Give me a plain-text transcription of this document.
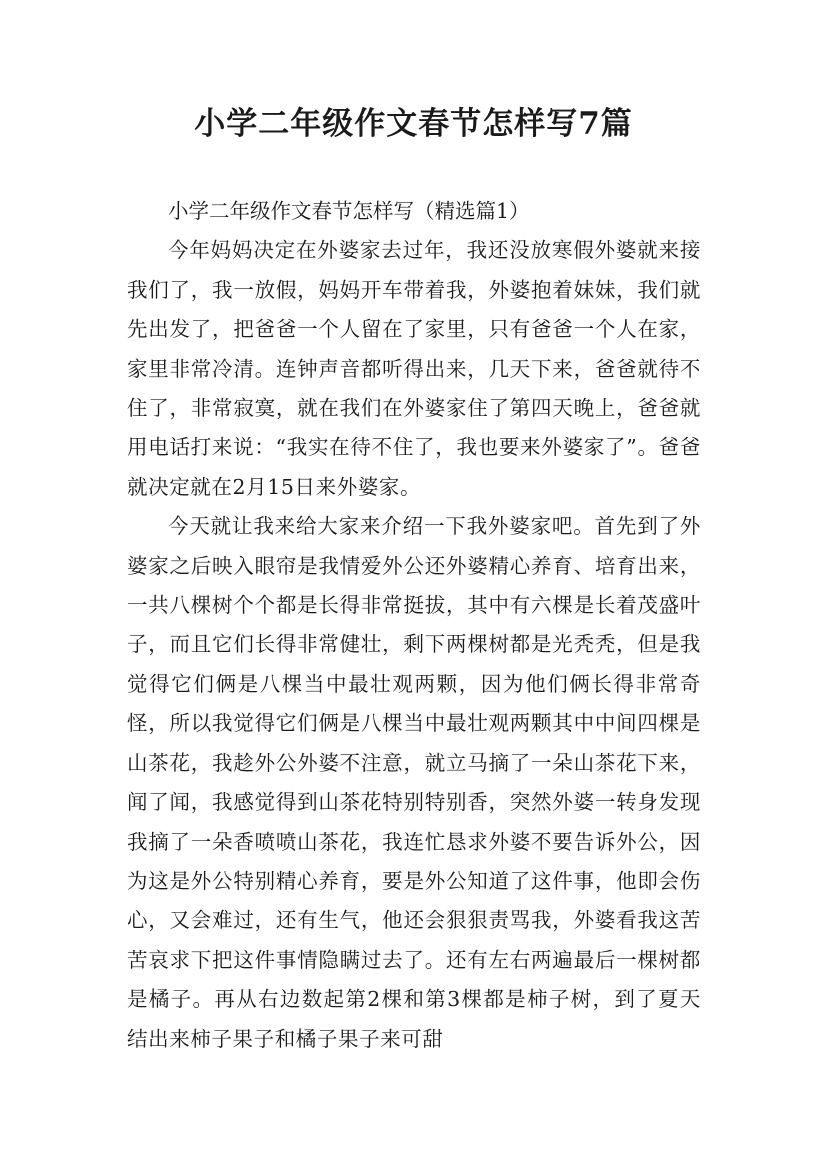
小学二年级作文春节怎样写7篇

小学二年级作文春节怎样写（精选篇1）

今年妈妈决定在外婆家去过年，我还没放寒假外婆就来接我们了，我一放假，妈妈开车带着我，外婆抱着妹妹，我们就先出发了，把爸爸一个人留在了家里，只有爸爸一个人在家，家里非常冷清。连钟声音都听得出来，几天下来，爸爸就待不住了，非常寂寞，就在我们在外婆家住了第四天晚上，爸爸就用电话打来说：“我实在待不住了，我也要来外婆家了”。爸爸就决定就在2月15日来外婆家。

今天就让我来给大家来介绍一下我外婆家吧。首先到了外婆家之后映入眼帘是我情爱外公还外婆精心养育、培育出来，一共八棵树个个都是长得非常挺拔，其中有六棵是长着茂盛叶子，而且它们长得非常健壮，剩下两棵树都是光秃秃，但是我觉得它们俩是八棵当中最壮观两颗，因为他们俩长得非常奇怪，所以我觉得它们俩是八棵当中最壮观两颗其中中间四棵是山茶花，我趁外公外婆不注意，就立马摘了一朵山茶花下来，闻了闻，我感觉得到山茶花特别特别香，突然外婆一转身发现我摘了一朵香喷喷山茶花，我连忙恳求外婆不要告诉外公，因为这是外公特别精心养育，要是外公知道了这件事，他即会伤心，又会难过，还有生气，他还会狠狠责骂我，外婆看我这苦苦哀求下把这件事情隐瞒过去了。还有左右两遍最后一棵树都是橘子。再从右边数起第2棵和第3棵都是柿子树，到了夏天结出来柿子果子和橘子果子来可甜
